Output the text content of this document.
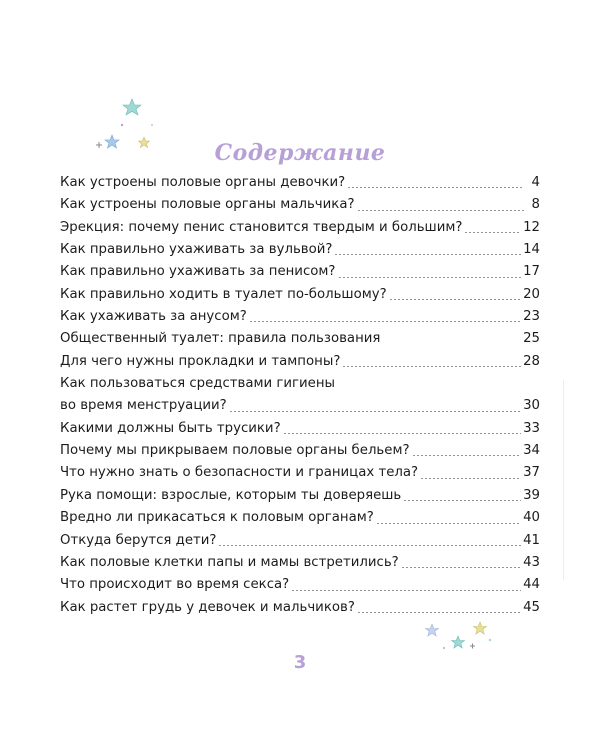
Содержание
Как устроены половые органы девочки?	4
Как устроены половые органы мальчика?	8
Эрекция: почему пенис становится твердым и большим?	12
Как правильно ухаживать за вульвой?	14
Как правильно ухаживать за пенисом?	17
Как правильно ходить в туалет по-большому?	20
Как ухаживать за анусом?	23
Общественный туалет: правила пользования	25
Для чего нужны прокладки и тампоны?	28
Как пользоваться средствами гигиены
во время менструации?	30
Какими должны быть трусики?	33
Почему мы прикрываем половые органы бельем?	34
Что нужно знать о безопасности и границах тела?	37
Рука помощи: взрослые, которым ты доверяешь	39
Вредно ли прикасаться к половым органам?	40
Откуда берутся дети?	41
Как половые клетки папы и мамы встретились?	43
Что происходит во время секса?	44
Как растет грудь у девочек и мальчиков?	45
3
